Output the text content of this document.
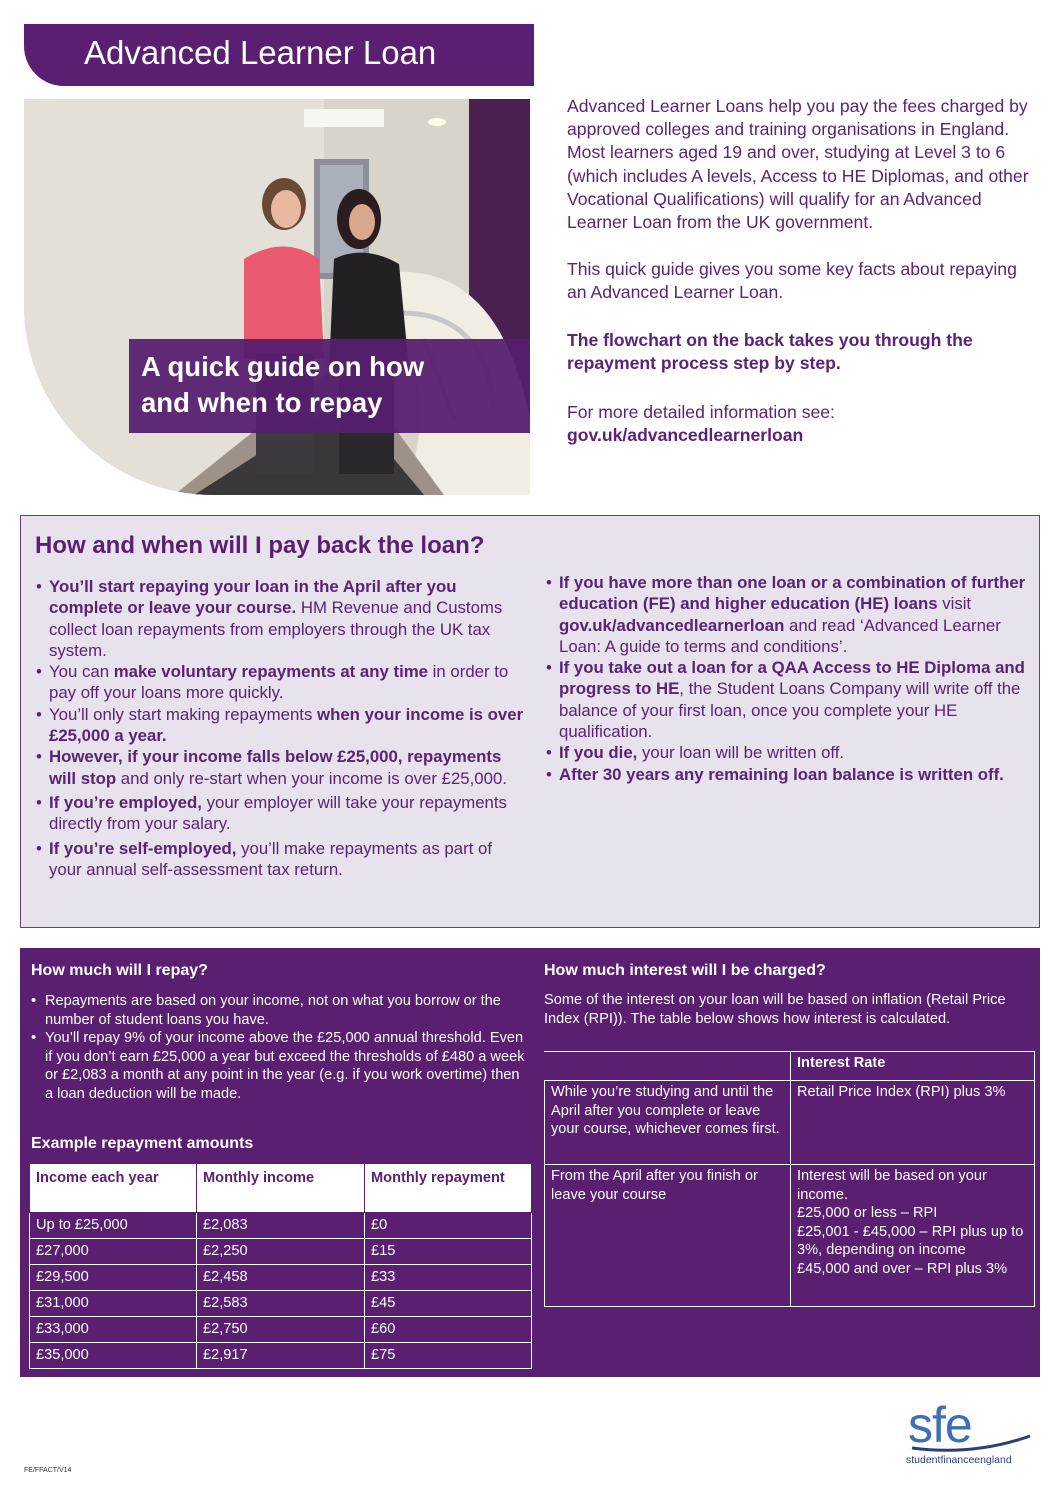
Advanced Learner Loan
A quick guide on how
and when to repay

Advanced Learner Loans help you pay the fees charged by approved colleges and training organisations in England. Most learners aged 19 and over, studying at Level 3 to 6 (which includes A levels, Access to HE Diplomas, and other Vocational Qualifications) will qualify for an Advanced Learner Loan from the UK government.

This quick guide gives you some key facts about repaying an Advanced Learner Loan.

The flowchart on the back takes you through the repayment process step by step.

For more detailed information see:

gov.uk/advancedlearnerloan

How and when will I pay back the loan?
• You’ll start repaying your loan in the April after you complete or leave your course. HM Revenue and Customs collect loan repayments from employers through the UK tax system.
• You can make voluntary repayments at any time in order to pay off your loans more quickly.
• You’ll only start making repayments when your income is over £25,000 a year.
• However, if your income falls below £25,000, repayments will stop and only re-start when your income is over £25,000.
• If you’re employed, your employer will take your repayments directly from your salary.
• If you’re self-employed, you’ll make repayments as part of your annual self-assessment tax return.
• If you have more than one loan or a combination of further education (FE) and higher education (HE) loans visit gov.uk/advancedlearnerloan and read ‘Advanced Learner Loan: A guide to terms and conditions’.
• If you take out a loan for a QAA Access to HE Diploma and progress to HE, the Student Loans Company will write off the balance of your first loan, once you complete your HE qualification.
• If you die, your loan will be written off.
• After 30 years any remaining loan balance is written off.
How much will I repay?
• Repayments are based on your income, not on what you borrow or the number of student loans you have.
• You’ll repay 9% of your income above the £25,000 annual threshold. Even if you don’t earn £25,000 a year but exceed the thresholds of £480 a week or £2,083 a month at any point in the year (e.g. if you work overtime) then a loan deduction will be made.
Example repayment amounts
Income each year	Monthly income	Monthly repayment
Up to £25,000	£2,083	£0
£27,000	£2,250	£15
£29,500	£2,458	£33
£31,000	£2,583	£45
£33,000	£2,750	£60
£35,000	£2,917	£75
How much interest will I be charged?

Some of the interest on your loan will be based on inflation (Retail Price Index (RPI)). The table below shows how interest is calculated.

	Interest Rate
While you’re studying and until the April after you complete or leave your course, whichever comes first.	Retail Price Index (RPI) plus 3%
From the April after you finish or leave your course	Interest will be based on your income.
£25,000 or less – RPI
£25,001 - £45,000 – RPI plus up to 3%, depending on income
£45,000 and over – RPI plus 3%
FE/FFACT/V14
sfe
studentfinanceengland
